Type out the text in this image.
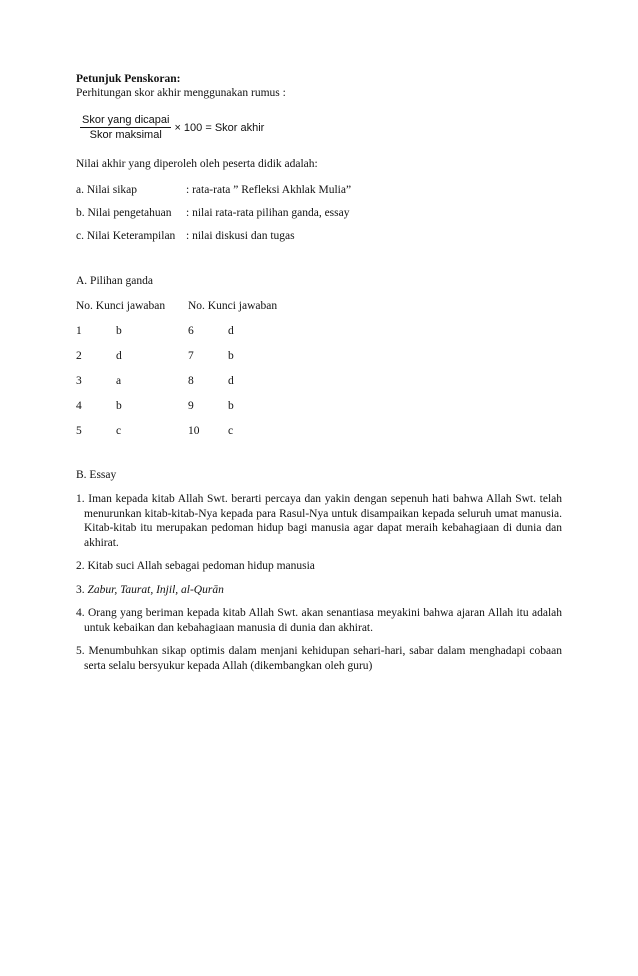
Petunjuk Penskoran:

Perhitungan skor akhir menggunakan rumus :

$\frac{\text{Skor yang dicapai}}{\text{Skor maksimal}} \times 100$ = Skor akhir

Nilai akhir yang diperoleh oleh peserta didik adalah:

a. Nilai sikap	: rata-rata ” Refleksi Akhlak Mulia”
b. Nilai pengetahuan	: nilai rata-rata pilihan ganda, essay
c. Nilai Keterampilan : nilai diskusi dan tugas

A. Pilihan ganda

No. Kunci jawaban	No. Kunci jawaban
1	b	6	d
2	d	7	b
3	a	8	d
4	b	9	b
5	c	10	c

B. Essay

1. Iman kepada kitab Allah Swt. berarti percaya dan yakin dengan sepenuh hati bahwa Allah Swt. telah menurunkan kitab-kitab-Nya kepada para Rasul-Nya untuk disampaikan kepada seluruh umat manusia. Kitab-kitab itu merupakan pedoman hidup bagi manusia agar dapat meraih kebahagiaan di dunia dan akhirat.

2. Kitab suci Allah sebagai pedoman hidup manusia

3. Zabur, Taurat, Injil, al-Qurān

4. Orang yang beriman kepada kitab Allah Swt. akan senantiasa meyakini bahwa ajaran Allah itu adalah untuk kebaikan dan kebahagiaan manusia di dunia dan akhirat.

5. Menumbuhkan sikap optimis dalam menjani kehidupan sehari-hari, sabar dalam menghadapi cobaan serta selalu bersyukur kepada Allah (dikembangkan oleh guru)
